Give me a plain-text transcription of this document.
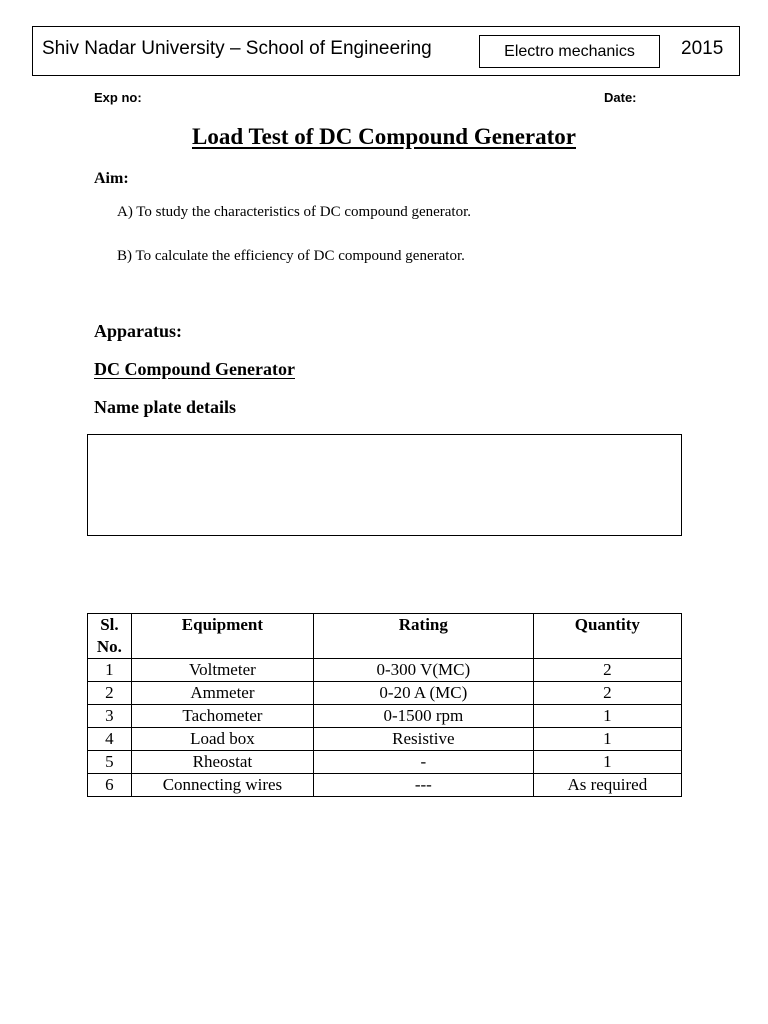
Shiv Nadar University – School of Engineering	Electro mechanics	2015
Exp no:	Date:
Load Test of DC Compound Generator
Aim:
A) To study the characteristics of DC compound generator.
B) To calculate the efficiency of DC compound generator.
Apparatus:
DC Compound Generator
Name plate details
Sl.
No.	Equipment	Rating	Quantity
1	Voltmeter	0-300 V(MC)	2
2	Ammeter	0-20 A (MC)	2
3	Tachometer	0-1500 rpm	1
4	Load box	Resistive	1
5	Rheostat	-	1
6	Connecting wires	---	As required
